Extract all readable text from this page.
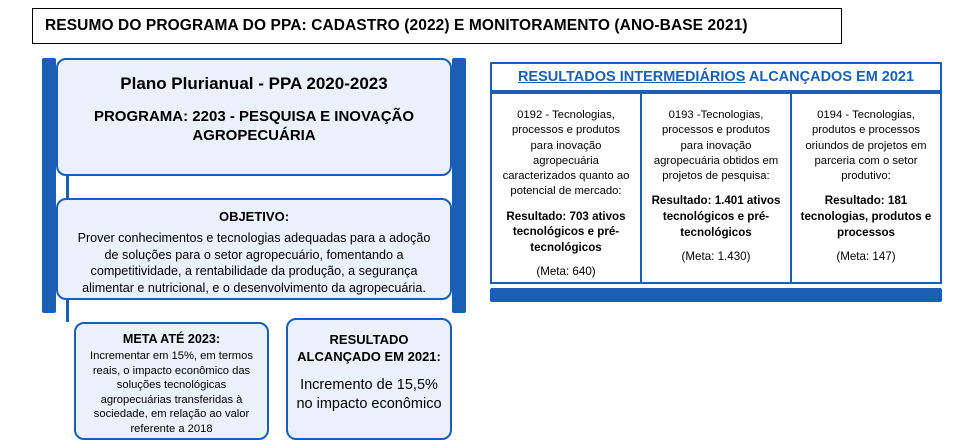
RESUMO DO PROGRAMA DO PPA: CADASTRO (2022) E MONITORAMENTO (ANO-BASE 2021)
Plano Plurianual - PPA 2020-2023
PROGRAMA: 2203 - PESQUISA E INOVAÇÃO AGROPECUÁRIA
OBJETIVO:
Prover conhecimentos e tecnologias adequadas para a adoção de soluções para o setor agropecuário, fomentando a competitividade, a rentabilidade da produção, a segurança alimentar e nutricional, e o desenvolvimento da agropecuária.
META ATÉ 2023:
Incrementar em 15%, em termos reais, o impacto econômico das soluções tecnológicas agropecuárias transferidas à sociedade, em relação ao valor referente a 2018
RESULTADO ALCANÇADO EM 2021:
Incremento de 15,5% no impacto econômico
RESULTADOS INTERMEDIÁRIOS ALCANÇADOS EM 2021
0192 - Tecnologias, processos e produtos para inovação agropecuária caracterizados quanto ao potencial de mercado:
Resultado: 703 ativos tecnológicos e pré-tecnológicos
(Meta: 640)
0193 -Tecnologias, processos e produtos para inovação agropecuária obtidos em projetos de pesquisa:
Resultado: 1.401 ativos tecnológicos e pré-tecnológicos
(Meta: 1.430)
0194 - Tecnologias, produtos e processos oriundos de projetos em parceria com o setor produtivo:
Resultado: 181 tecnologias, produtos e processos
(Meta: 147)
